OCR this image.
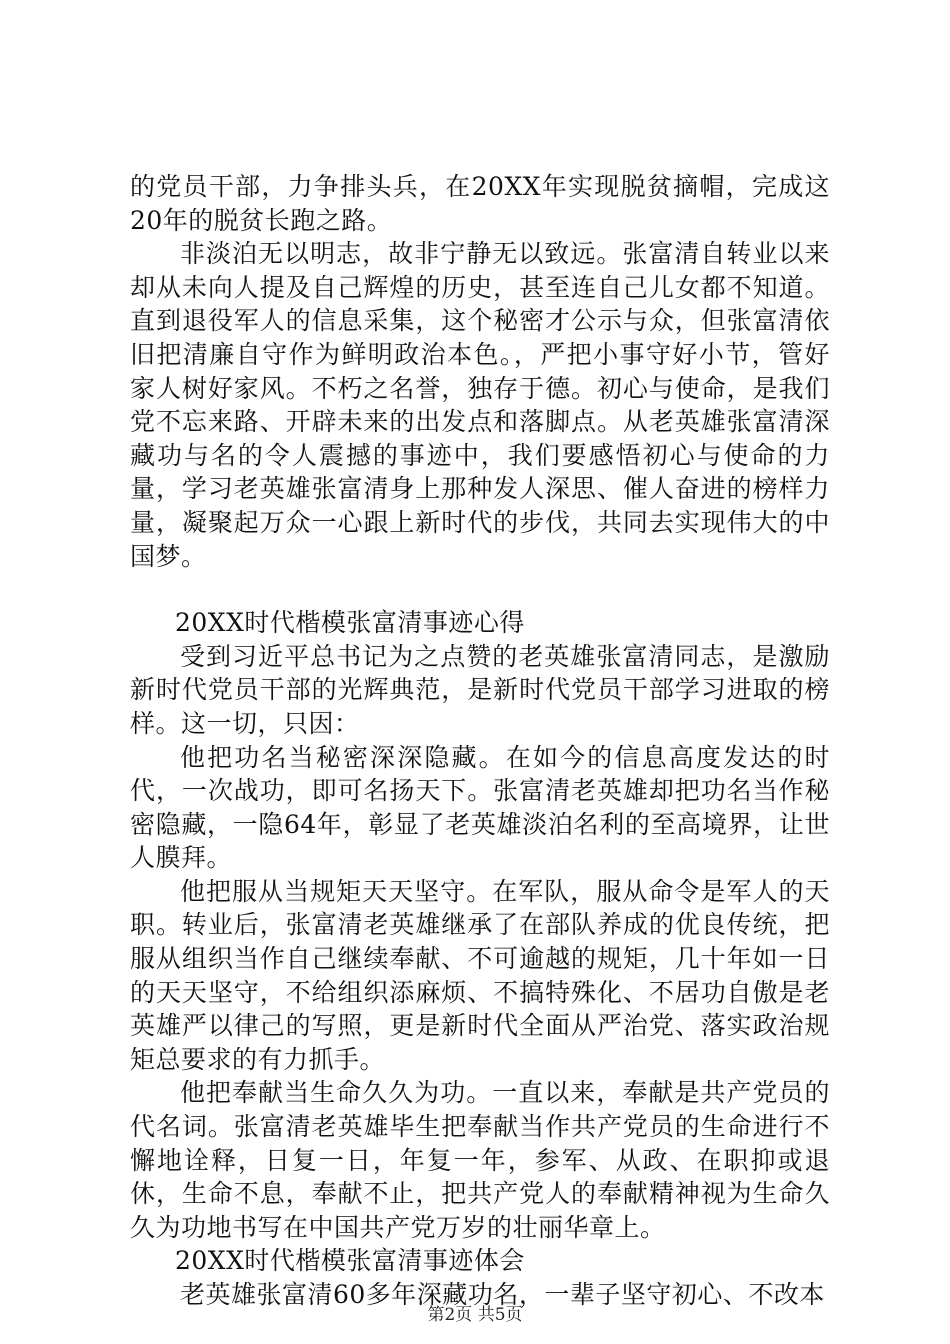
的党员干部，力争排头兵，在20XX年实现脱贫摘帽，完成这20年的脱贫长跑之路。

非淡泊无以明志，故非宁静无以致远。张富清自转业以来却从未向人提及自己辉煌的历史，甚至连自己儿女都不知道。直到退役军人的信息采集，这个秘密才公示与众，但张富清依旧把清廉自守作为鲜明政治本色。，严把小事守好小节，管好家人树好家风。不朽之名誉，独存于德。初心与使命，是我们党不忘来路、开辟未来的出发点和落脚点。从老英雄张富清深藏功与名的令人震撼的事迹中，我们要感悟初心与使命的力量，学习老英雄张富清身上那种发人深思、催人奋进的榜样力量，凝聚起万众一心跟上新时代的步伐，共同去实现伟大的中国梦。

20XX时代楷模张富清事迹心得

受到习近平总书记为之点赞的老英雄张富清同志，是激励新时代党员干部的光辉典范，是新时代党员干部学习进取的榜样。这一切，只因：

他把功名当秘密深深隐藏。在如今的信息高度发达的时代，一次战功，即可名扬天下。张富清老英雄却把功名当作秘密隐藏，一隐64年，彰显了老英雄淡泊名利的至高境界，让世人膜拜。

他把服从当规矩天天坚守。在军队，服从命令是军人的天职。转业后，张富清老英雄继承了在部队养成的优良传统，把服从组织当作自己继续奉献、不可逾越的规矩，几十年如一日的天天坚守，不给组织添麻烦、不搞特殊化、不居功自傲是老英雄严以律己的写照，更是新时代全面从严治党、落实政治规矩总要求的有力抓手。

他把奉献当生命久久为功。一直以来，奉献是共产党员的代名词。张富清老英雄毕生把奉献当作共产党员的生命进行不懈地诠释，日复一日，年复一年，参军、从政、在职抑或退休，生命不息，奉献不止，把共产党人的奉献精神视为生命久久为功地书写在中国共产党万岁的壮丽华章上。

20XX时代楷模张富清事迹体会

老英雄张富清60多年深藏功名，一辈子坚守初心、不改本

第2页 共5页
